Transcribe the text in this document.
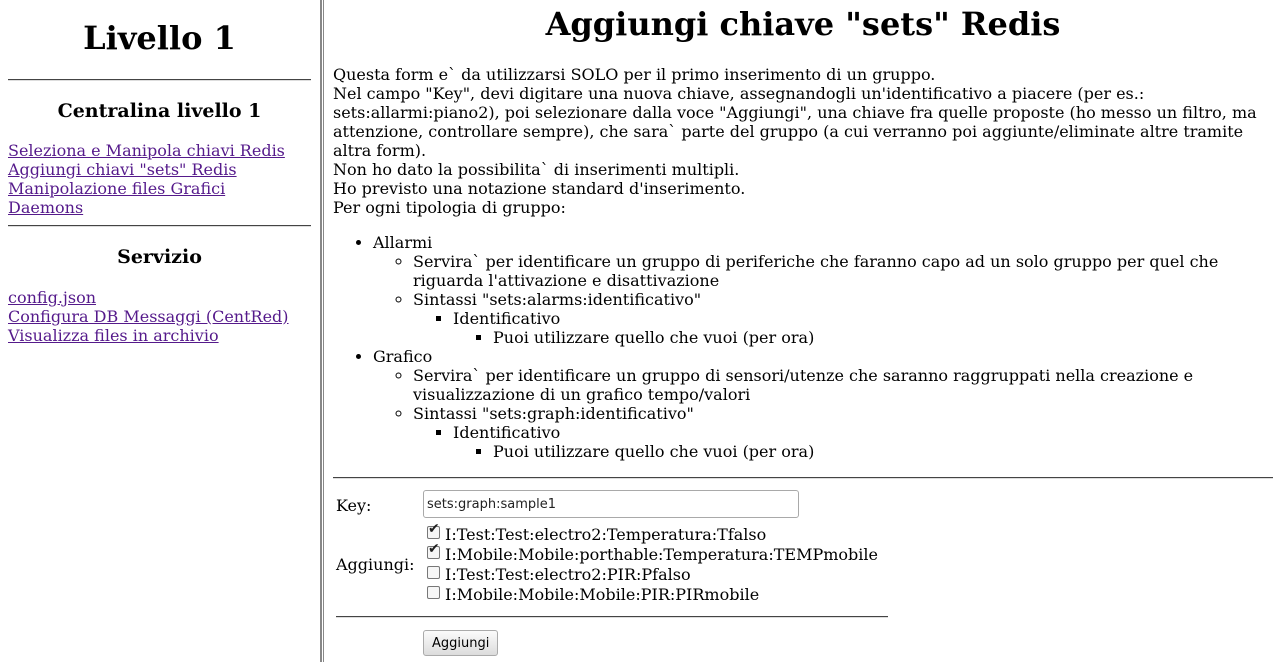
Livello 1
Centralina livello 1
Seleziona e Manipola chiavi Redis
Aggiungi chiavi "sets" Redis
Manipolazione files Grafici
Daemons
Servizio
config.json
Configura DB Messaggi (CentRed)
Visualizza files in archivio
Aggiungi chiave "sets" Redis

Questa form e` da utilizzarsi SOLO per il primo inserimento di un gruppo.

Nel campo "Key", devi digitare una nuova chiave, assegnandogli un'identificativo a piacere (per es.: sets:allarmi:piano2), poi selezionare dalla voce "Aggiungi", una chiave fra quelle proposte (ho messo un filtro, ma attenzione, controllare sempre), che sara` parte del gruppo (a cui verranno poi aggiunte/eliminate altre tramite altra form).

Non ho dato la possibilita` di inserimenti multipli.

Ho previsto una notazione standard d'inserimento.

Per ogni tipologia di gruppo:

• Allarmi
◦ Servira` per identificare un gruppo di periferiche che faranno capo ad un solo gruppo per quel che riguarda l'attivazione e disattivazione
◦ Sintassi "sets:alarms:identificativo"
▪ Identificativo
▪ Puoi utilizzare quello che vuoi (per ora)
• Grafico
◦ Servira` per identificare un gruppo di sensori/utenze che saranno raggruppati nella creazione e visualizzazione di un grafico tempo/valori
◦ Sintassi "sets:graph:identificativo"
▪ Identificativo
▪ Puoi utilizzare quello che vuoi (per ora)
Key:
sets:graph:sample1
Aggiungi:
✔I:Test:Test:electro2:Temperatura:Tfalso
✔I:Mobile:Mobile:porthable:Temperatura:TEMPmobile
I:Test:Test:electro2:PIR:Pfalso
I:Mobile:Mobile:Mobile:PIR:PIRmobile
Aggiungi
